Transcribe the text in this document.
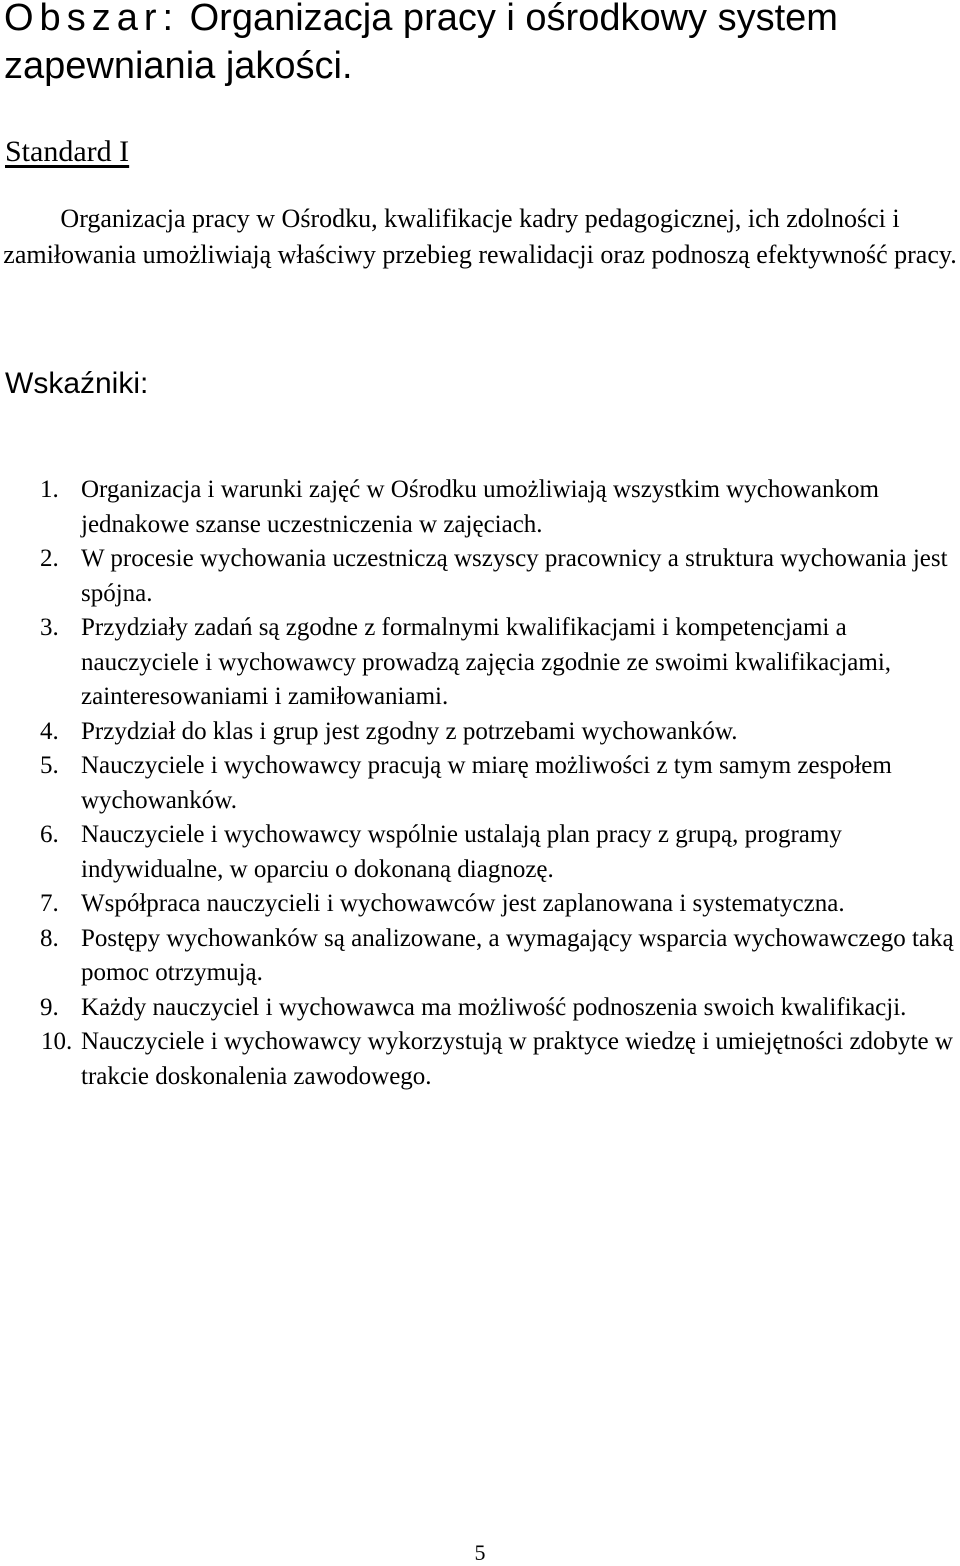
Obszar: Organizacja pracy i ośrodkowy system zapewniania jakości.
Standard I

Organizacja pracy w Ośrodku, kwalifikacje kadry pedagogicznej, ich zdolności i zamiłowania umożliwiają właściwy przebieg rewalidacji oraz podnoszą efektywność pracy.

Wskaźniki:
1. Organizacja i warunki zajęć w Ośrodku umożliwiają wszystkim wychowankom jednakowe szanse uczestniczenia w zajęciach.
2. W procesie wychowania uczestniczą wszyscy pracownicy a struktura wychowania jest spójna.
3. Przydziały zadań są zgodne z formalnymi kwalifikacjami i kompetencjami a nauczyciele i wychowawcy prowadzą zajęcia zgodnie ze swoimi kwalifikacjami, zainteresowaniami i zamiłowaniami.
4. Przydział do klas i grup jest zgodny z potrzebami wychowanków.
5. Nauczyciele i wychowawcy pracują w miarę możliwości z tym samym zespołem wychowanków.
6. Nauczyciele i wychowawcy wspólnie ustalają plan pracy z grupą, programy indywidualne, w oparciu o dokonaną diagnozę.
7. Współpraca nauczycieli i wychowawców jest zaplanowana i systematyczna.
8. Postępy wychowanków są analizowane, a wymagający wsparcia wychowawczego taką pomoc otrzymują.
9. Każdy nauczyciel i wychowawca ma możliwość podnoszenia swoich kwalifikacji.
10. Nauczyciele i wychowawcy wykorzystują w praktyce wiedzę i umiejętności zdobyte w trakcie doskonalenia zawodowego.
5
